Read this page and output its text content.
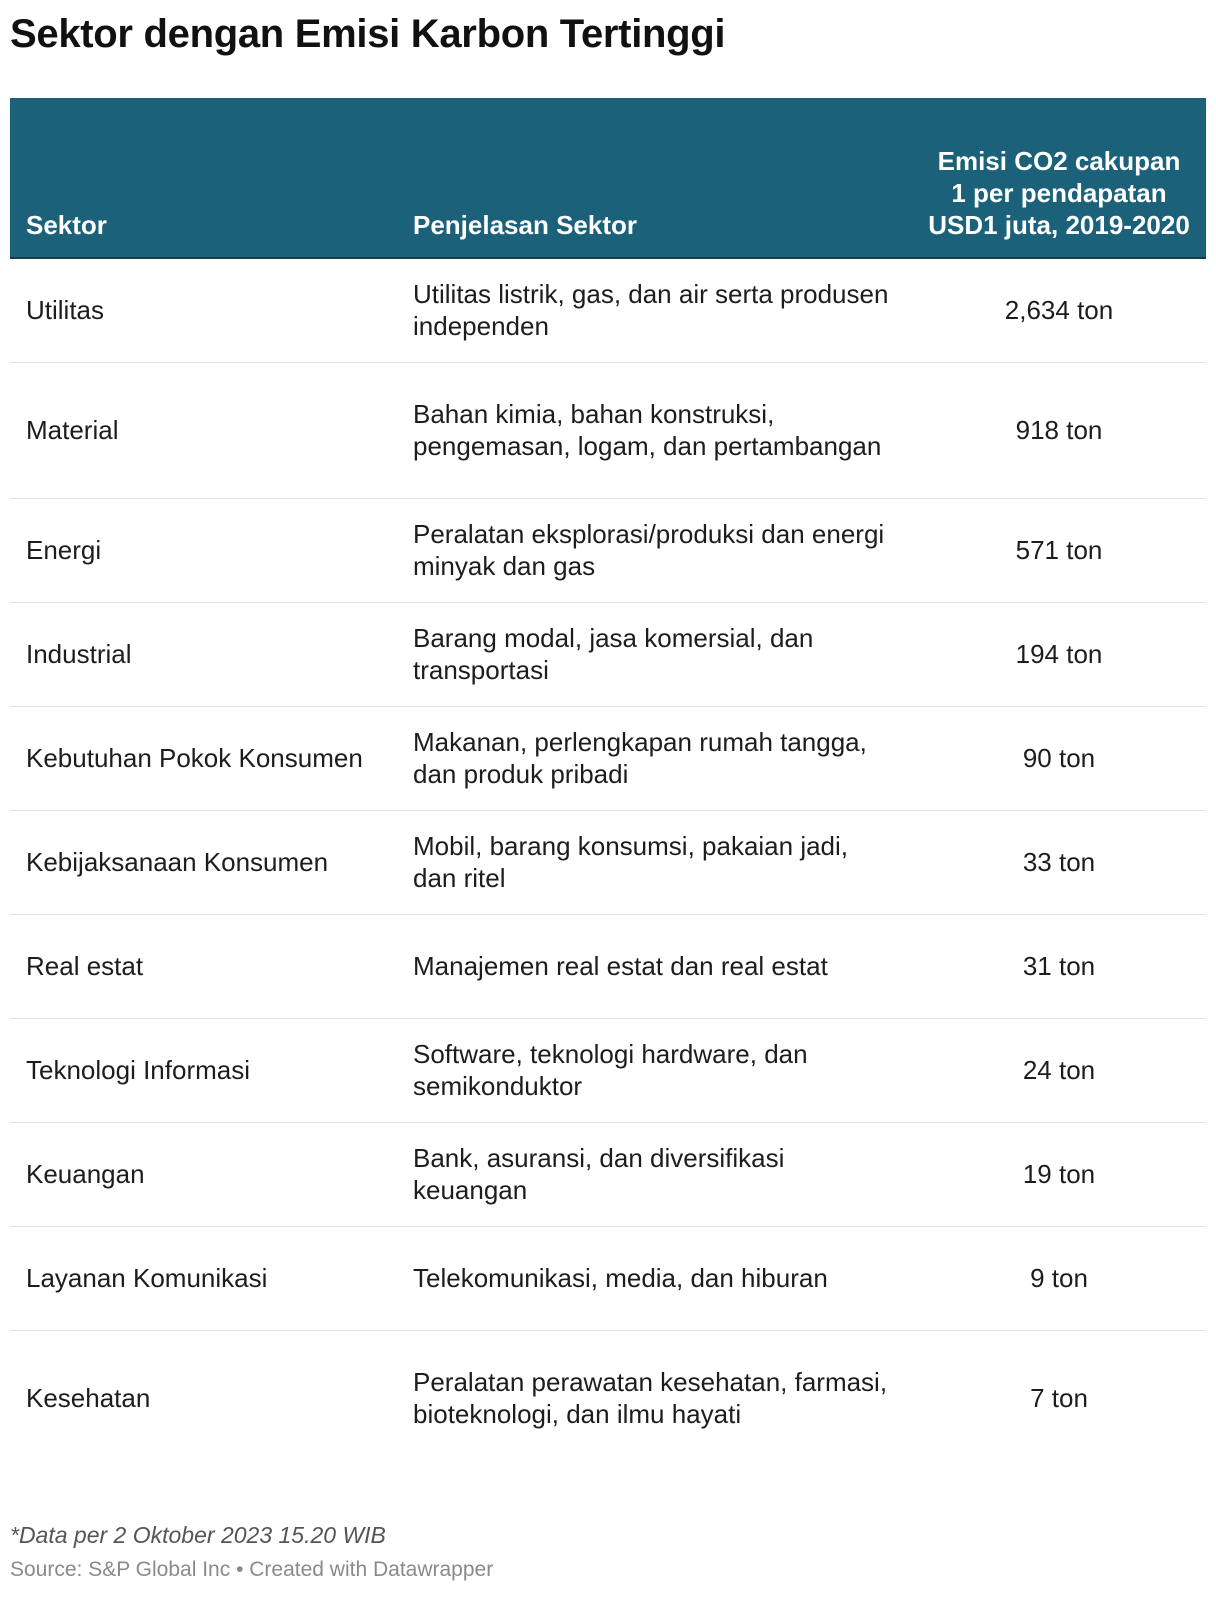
Sektor dengan Emisi Karbon Tertinggi
Sektor	Penjelasan Sektor	Emisi CO2 cakupan 1 per pendapatan USD1 juta, 2019-2020
Utilitas	Utilitas listrik, gas, dan air serta produsen independen	2,634 ton
Material	Bahan kimia, bahan konstruksi, pengemasan, logam, dan pertambangan	918 ton
Energi	Peralatan eksplorasi/produksi dan energi minyak dan gas	571 ton
Industrial	Barang modal, jasa komersial, dan transportasi	194 ton
Kebutuhan Pokok Konsumen	Makanan, perlengkapan rumah tangga, dan produk pribadi	90 ton
Kebijaksanaan Konsumen	Mobil, barang konsumsi, pakaian jadi, dan ritel	33 ton
Real estat	Manajemen real estat dan real estat	31 ton
Teknologi Informasi	Software, teknologi hardware, dan semikonduktor	24 ton
Keuangan	Bank, asuransi, dan diversifikasi keuangan	19 ton
Layanan Komunikasi	Telekomunikasi, media, dan hiburan	9 ton
Kesehatan	Peralatan perawatan kesehatan, farmasi, bioteknologi, dan ilmu hayati	7 ton
*Data per 2 Oktober 2023 15.20 WIB
Source: S&P Global Inc • Created with Datawrapper
